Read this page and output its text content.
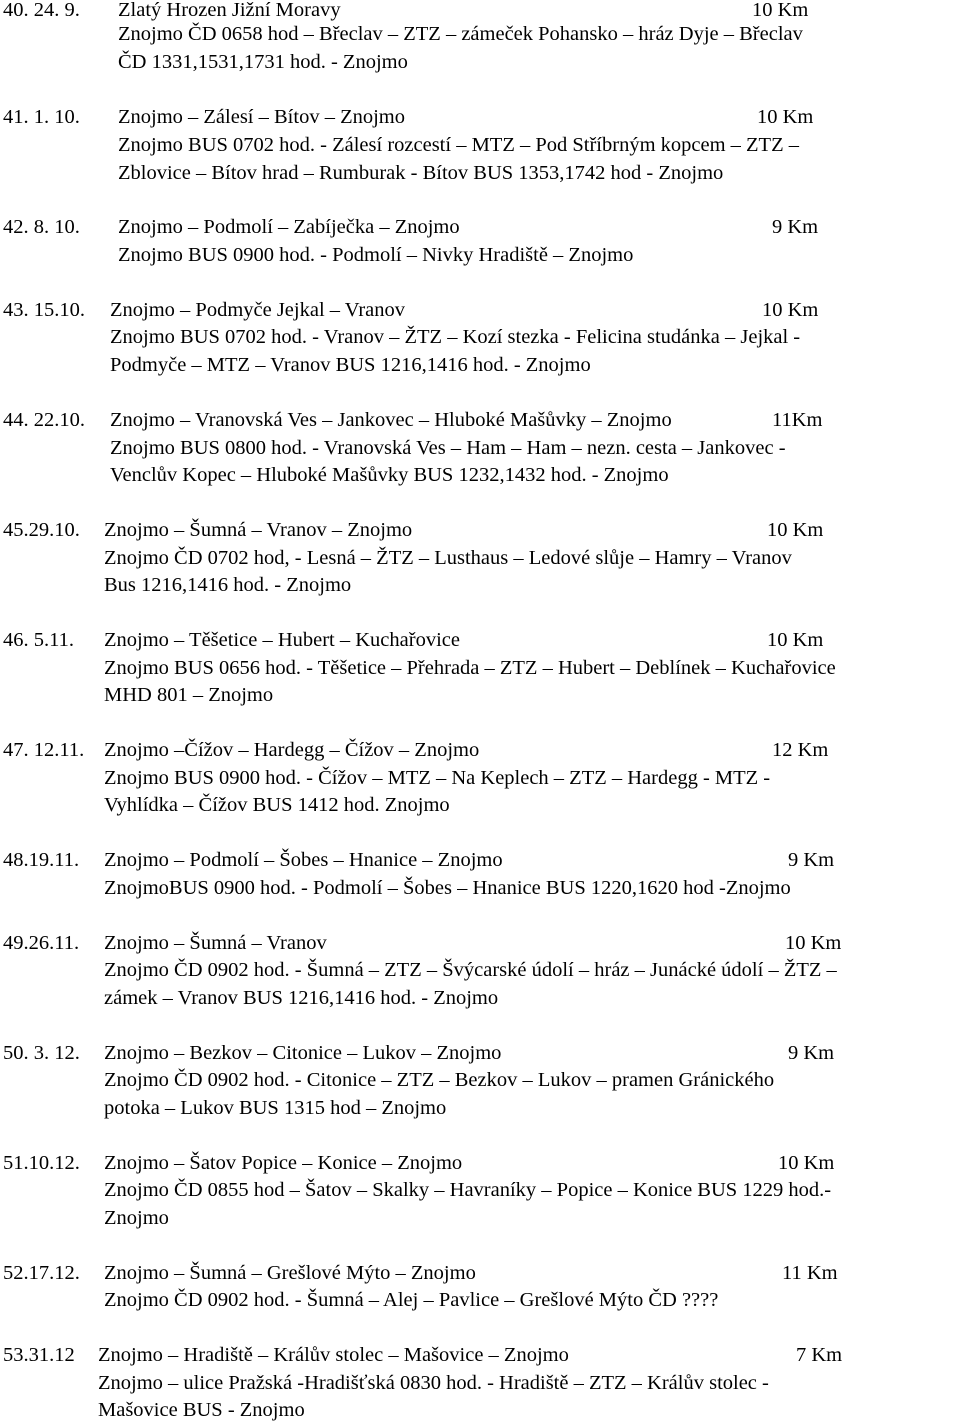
40. 24. 9. Zlatý Hrozen Jižní Moravy	10 Km
Znojmo ČD 0658 hod – Břeclav – ZTZ – zámeček Pohansko – hráz Dyje – Břeclav
ČD 1331,1531,1731 hod. - Znojmo
41. 1. 10. Znojmo – Zálesí – Bítov – Znojmo	10 Km
Znojmo BUS 0702 hod. - Zálesí rozcestí – MTZ – Pod Stříbrným kopcem – ZTZ –
Zblovice – Bítov hrad – Rumburak - Bítov BUS 1353,1742 hod - Znojmo
42. 8. 10. Znojmo – Podmolí – Zabíječka – Znojmo	9 Km
Znojmo BUS 0900 hod. - Podmolí – Nivky Hradiště – Znojmo
43. 15.10. Znojmo – Podmyče Jejkal – Vranov	10 Km
Znojmo BUS 0702 hod. - Vranov – ŽTZ – Kozí stezka - Felicina studánka – Jejkal -
Podmyče – MTZ – Vranov BUS 1216,1416 hod. - Znojmo
44. 22.10. Znojmo – Vranovská Ves – Jankovec – Hluboké Mašůvky – Znojmo	11Km
Znojmo BUS 0800 hod. - Vranovská Ves – Ham – Ham – nezn. cesta – Jankovec -
Venclův Kopec – Hluboké Mašůvky BUS 1232,1432 hod. - Znojmo
45.29.10. Znojmo – Šumná – Vranov – Znojmo	10 Km
Znojmo ČD 0702 hod, - Lesná – ŽTZ – Lusthaus – Ledové slůje – Hamry – Vranov
Bus 1216,1416 hod. - Znojmo
46. 5.11. Znojmo – Těšetice – Hubert – Kuchařovice	10 Km
Znojmo BUS 0656 hod. - Těšetice – Přehrada – ZTZ – Hubert – Deblínek – Kuchařovice
MHD 801 – Znojmo
47. 12.11. Znojmo –Čížov – Hardegg – Čížov – Znojmo	12 Km
Znojmo BUS 0900 hod. - Čížov – MTZ – Na Keplech – ZTZ – Hardegg - MTZ -
Vyhlídka – Čížov BUS 1412 hod. Znojmo
48.19.11. Znojmo – Podmolí – Šobes – Hnanice – Znojmo	9 Km
ZnojmoBUS 0900 hod. - Podmolí – Šobes – Hnanice BUS 1220,1620 hod -Znojmo
49.26.11. Znojmo – Šumná – Vranov	10 Km
Znojmo ČD 0902 hod. - Šumná – ZTZ – Švýcarské údolí – hráz – Junácké údolí – ŽTZ –
zámek – Vranov BUS 1216,1416 hod. - Znojmo
50. 3. 12. Znojmo – Bezkov – Citonice – Lukov – Znojmo	9 Km
Znojmo ČD 0902 hod. - Citonice – ZTZ – Bezkov – Lukov – pramen Gránického
potoka – Lukov BUS 1315 hod – Znojmo
51.10.12. Znojmo – Šatov Popice – Konice – Znojmo	10 Km
Znojmo ČD 0855 hod – Šatov – Skalky – Havraníky – Popice – Konice BUS 1229 hod.-
Znojmo
52.17.12. Znojmo – Šumná – Grešlové Mýto – Znojmo	11 Km
Znojmo ČD 0902 hod. - Šumná – Alej – Pavlice – Grešlové Mýto ČD ????
53.31.12 Znojmo – Hradiště – Králův stolec – Mašovice – Znojmo	7 Km
Znojmo – ulice Pražská -Hradišťská 0830 hod. - Hradiště – ZTZ – Králův stolec -
Mašovice BUS - Znojmo
